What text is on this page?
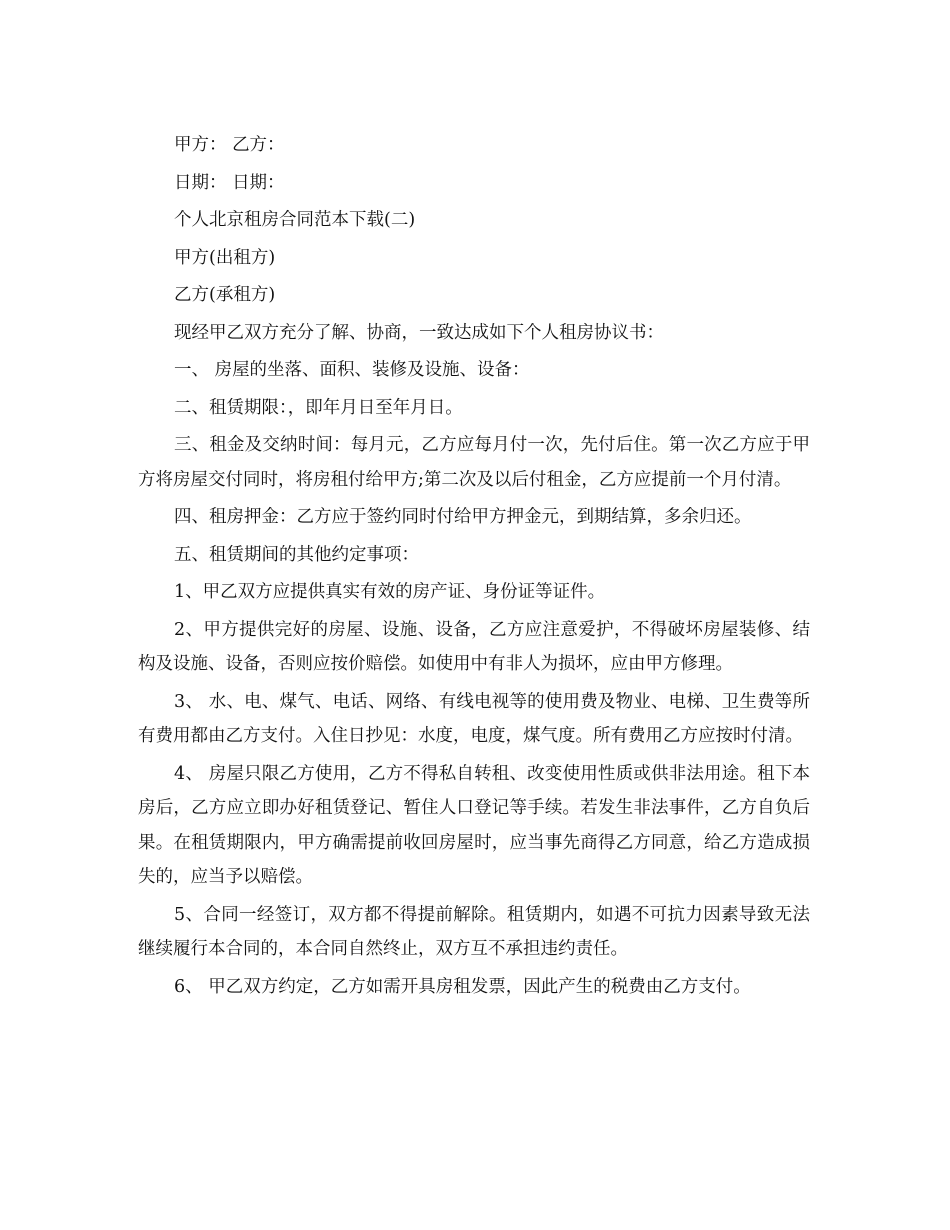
甲方： 乙方：

日期： 日期：

个人北京租房合同范本下载(二)

甲方(出租方)

乙方(承租方)

现经甲乙双方充分了解、协商，一致达成如下个人租房协议书：

一、 房屋的坐落、面积、装修及设施、设备：

二、租赁期限：，即年月日至年月日。

三、租金及交纳时间：每月元，乙方应每月付一次，先付后住。第一次乙方应于甲方将房屋交付同时，将房租付给甲方;第二次及以后付租金，乙方应提前一个月付清。

四、租房押金：乙方应于签约同时付给甲方押金元，到期结算，多余归还。

五、租赁期间的其他约定事项：

1、甲乙双方应提供真实有效的房产证、身份证等证件。

2、甲方提供完好的房屋、设施、设备，乙方应注意爱护，不得破坏房屋装修、结构及设施、设备，否则应按价赔偿。如使用中有非人为损坏，应由甲方修理。

3、 水、电、煤气、电话、网络、有线电视等的使用费及物业、电梯、卫生费等所有费用都由乙方支付。入住日抄见：水度，电度，煤气度。所有费用乙方应按时付清。

4、 房屋只限乙方使用，乙方不得私自转租、改变使用性质或供非法用途。租下本房后，乙方应立即办好租赁登记、暂住人口登记等手续。若发生非法事件，乙方自负后果。在租赁期限内，甲方确需提前收回房屋时，应当事先商得乙方同意，给乙方造成损失的，应当予以赔偿。

5、合同一经签订，双方都不得提前解除。租赁期内，如遇不可抗力因素导致无法继续履行本合同的，本合同自然终止，双方互不承担违约责任。

6、 甲乙双方约定，乙方如需开具房租发票，因此产生的税费由乙方支付。
